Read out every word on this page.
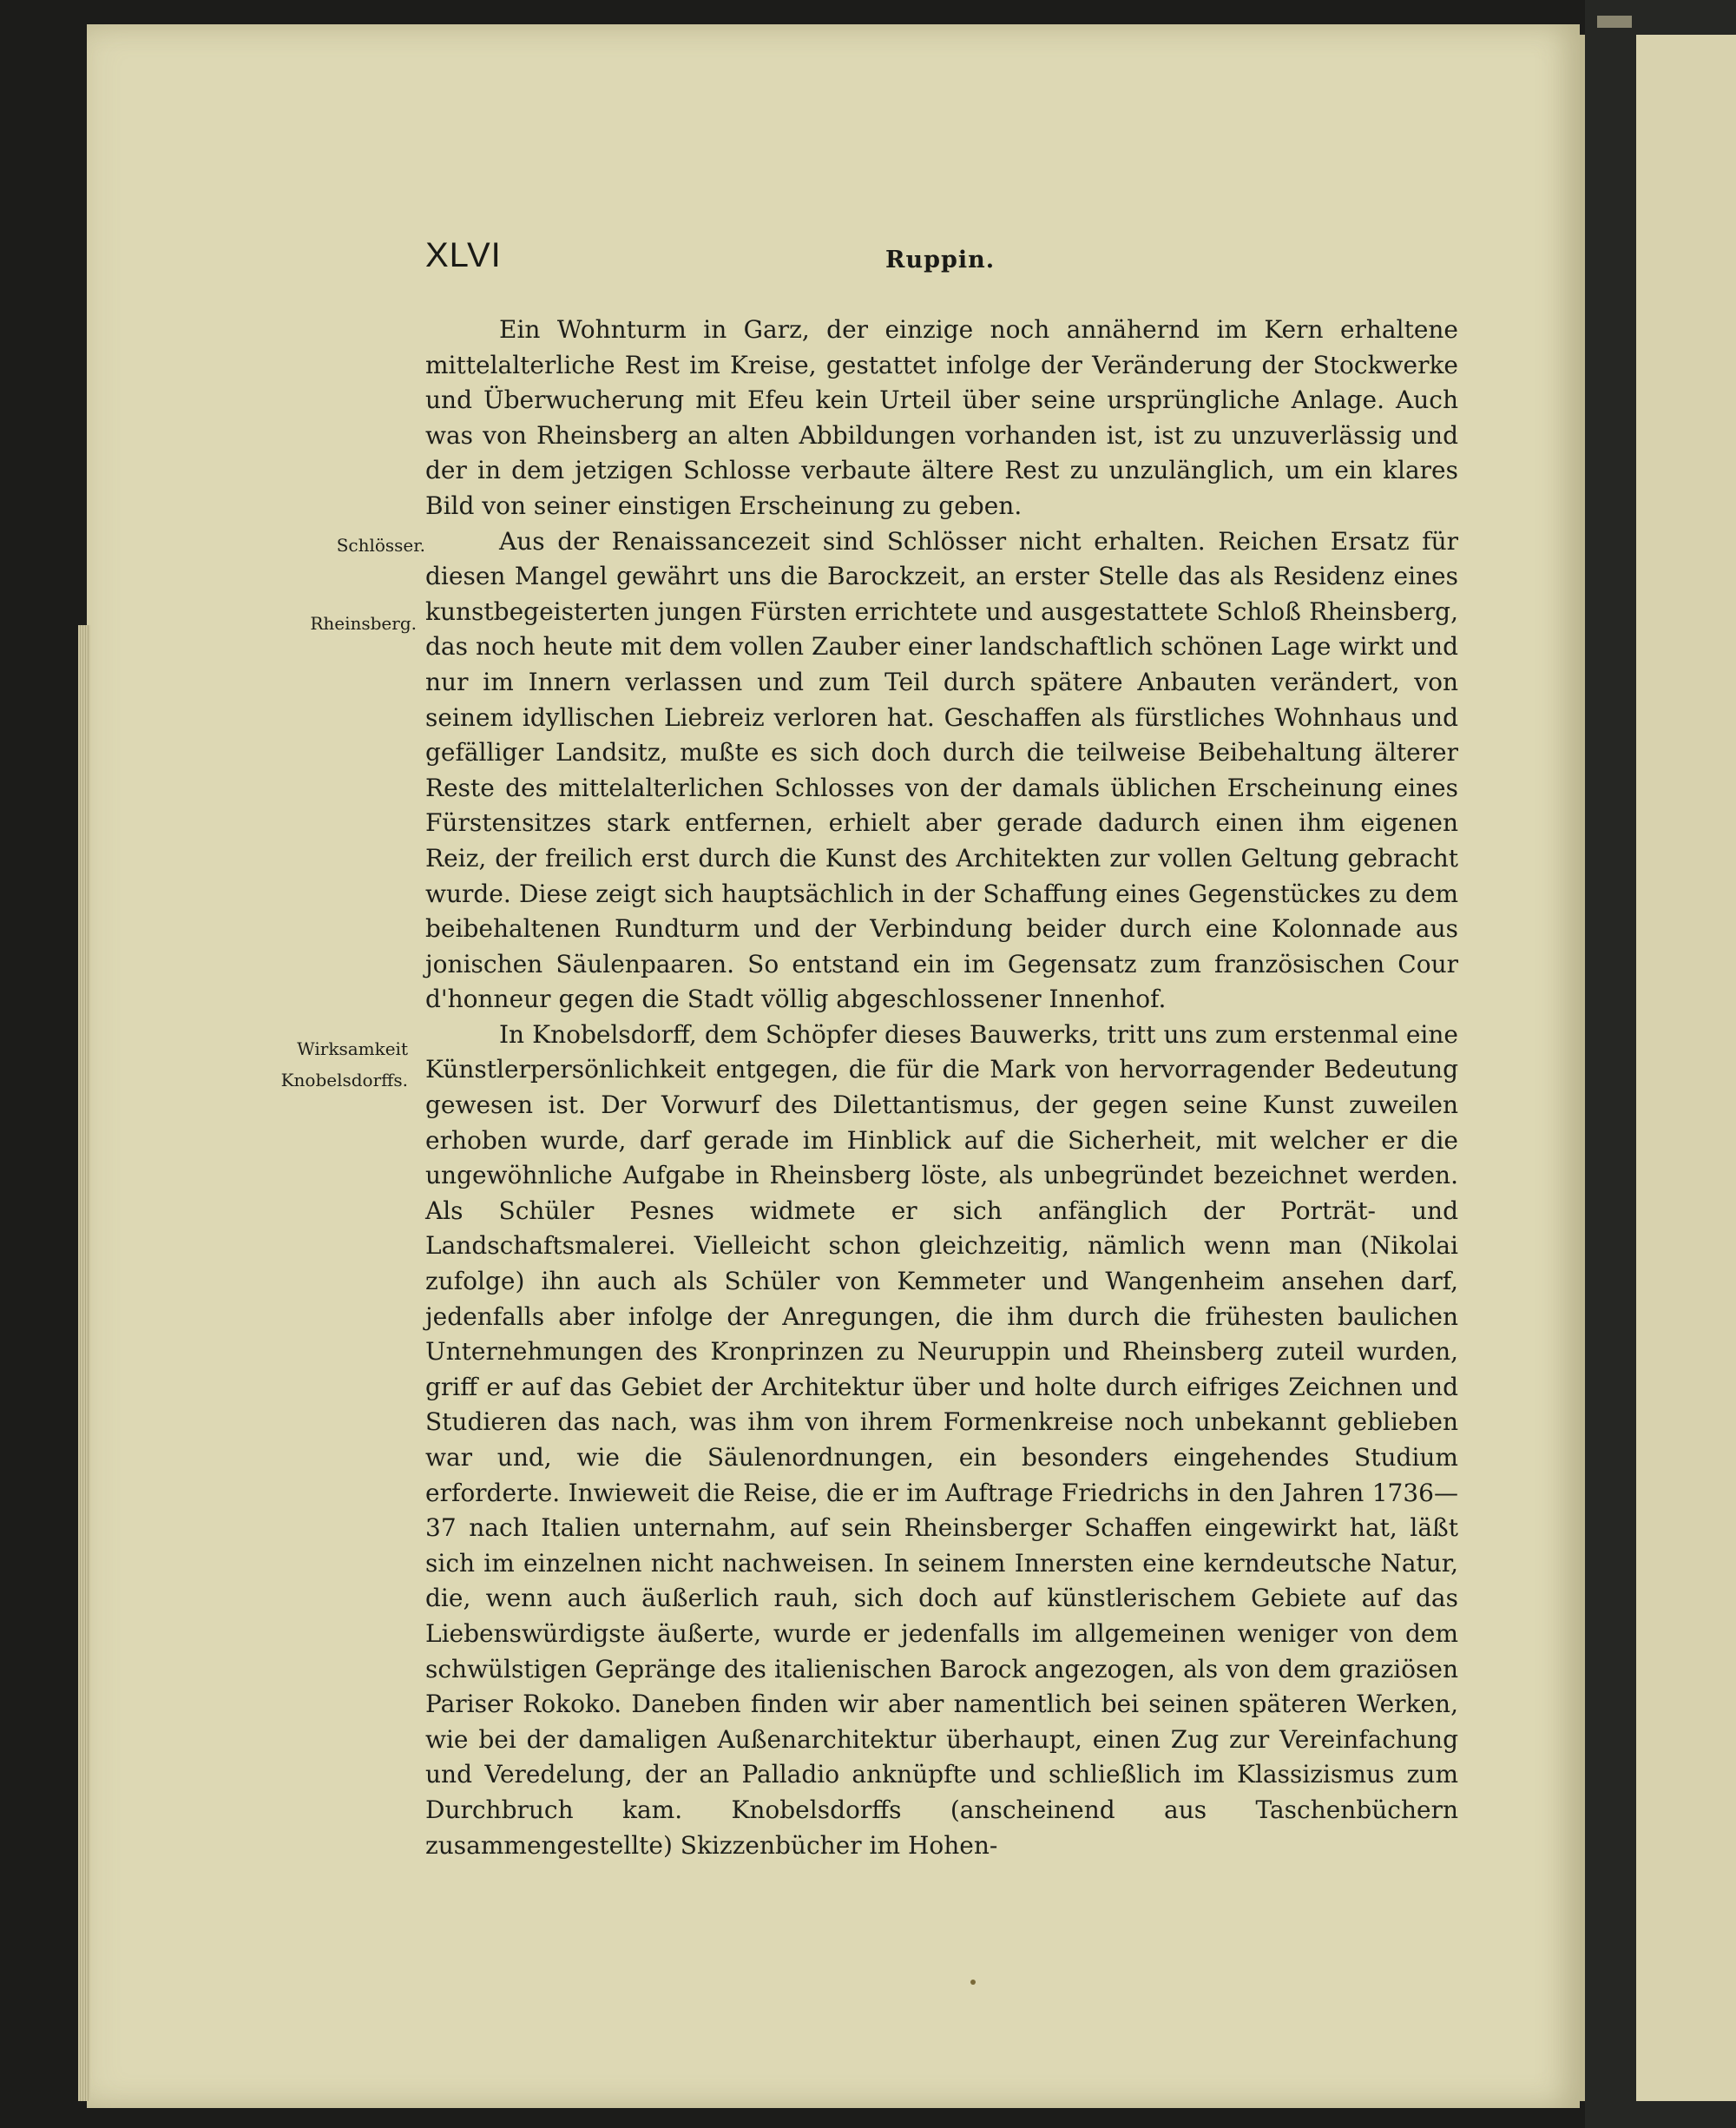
XLVI	Ruppin.
Schlösser.
Rheinsberg.
Wirksamkeit Knobelsdorffs.

Ein Wohnturm in Garz, der einzige noch annähernd im Kern erhaltene mittelalterliche Rest im Kreise, gestattet infolge der Veränderung der Stockwerke und Überwucherung mit Efeu kein Urteil über seine ursprüngliche Anlage. Auch was von Rheinsberg an alten Abbildungen vorhanden ist, ist zu unzuverlässig und der in dem jetzigen Schlosse verbaute ältere Rest zu unzulänglich, um ein klares Bild von seiner einstigen Erscheinung zu geben.

Aus der Renaissancezeit sind Schlösser nicht erhalten. Reichen Ersatz für diesen Mangel gewährt uns die Barockzeit, an erster Stelle das als Residenz eines kunstbegeisterten jungen Fürsten errichtete und ausgestattete Schloß Rheinsberg, das noch heute mit dem vollen Zauber einer landschaftlich schönen Lage wirkt und nur im Innern verlassen und zum Teil durch spätere Anbauten verändert, von seinem idyllischen Liebreiz verloren hat. Geschaffen als fürstliches Wohnhaus und gefälliger Landsitz, mußte es sich doch durch die teilweise Beibehaltung älterer Reste des mittelalterlichen Schlosses von der damals üblichen Erscheinung eines Fürstensitzes stark entfernen, erhielt aber gerade dadurch einen ihm eigenen Reiz, der freilich erst durch die Kunst des Architekten zur vollen Geltung gebracht wurde. Diese zeigt sich hauptsächlich in der Schaffung eines Gegenstückes zu dem beibehaltenen Rundturm und der Verbindung beider durch eine Kolonnade aus jonischen Säulenpaaren. So entstand ein im Gegensatz zum französischen Cour d'honneur gegen die Stadt völlig abgeschlossener Innenhof.

In Knobelsdorff, dem Schöpfer dieses Bauwerks, tritt uns zum erstenmal eine Künstlerpersönlichkeit entgegen, die für die Mark von hervorragender Bedeutung gewesen ist. Der Vorwurf des Dilettantismus, der gegen seine Kunst zuweilen erhoben wurde, darf gerade im Hinblick auf die Sicherheit, mit welcher er die ungewöhnliche Aufgabe in Rheinsberg löste, als unbegründet bezeichnet werden. Als Schüler Pesnes widmete er sich anfänglich der Porträt- und Landschaftsmalerei. Vielleicht schon gleichzeitig, nämlich wenn man (Nikolai zufolge) ihn auch als Schüler von Kemmeter und Wangenheim ansehen darf, jedenfalls aber infolge der Anregungen, die ihm durch die frühesten baulichen Unternehmungen des Kronprinzen zu Neuruppin und Rheinsberg zuteil wurden, griff er auf das Gebiet der Architektur über und holte durch eifriges Zeichnen und Studieren das nach, was ihm von ihrem Formenkreise noch unbekannt geblieben war und, wie die Säulenordnungen, ein besonders eingehendes Studium erforderte. Inwieweit die Reise, die er im Auftrage Friedrichs in den Jahren 1736—37 nach Italien unternahm, auf sein Rheinsberger Schaffen eingewirkt hat, läßt sich im einzelnen nicht nachweisen. In seinem Innersten eine kerndeutsche Natur, die, wenn auch äußerlich rauh, sich doch auf künstlerischem Gebiete auf das Liebenswürdigste äußerte, wurde er jedenfalls im allgemeinen weniger von dem schwülstigen Gepränge des italienischen Barock angezogen, als von dem graziösen Pariser Rokoko. Daneben finden wir aber namentlich bei seinen späteren Werken, wie bei der damaligen Außenarchitektur überhaupt, einen Zug zur Vereinfachung und Veredelung, der an Palladio anknüpfte und schließlich im Klassizismus zum Durchbruch kam. Knobelsdorffs (anscheinend aus Taschenbüchern zusammengestellte) Skizzenbücher im Hohen-
